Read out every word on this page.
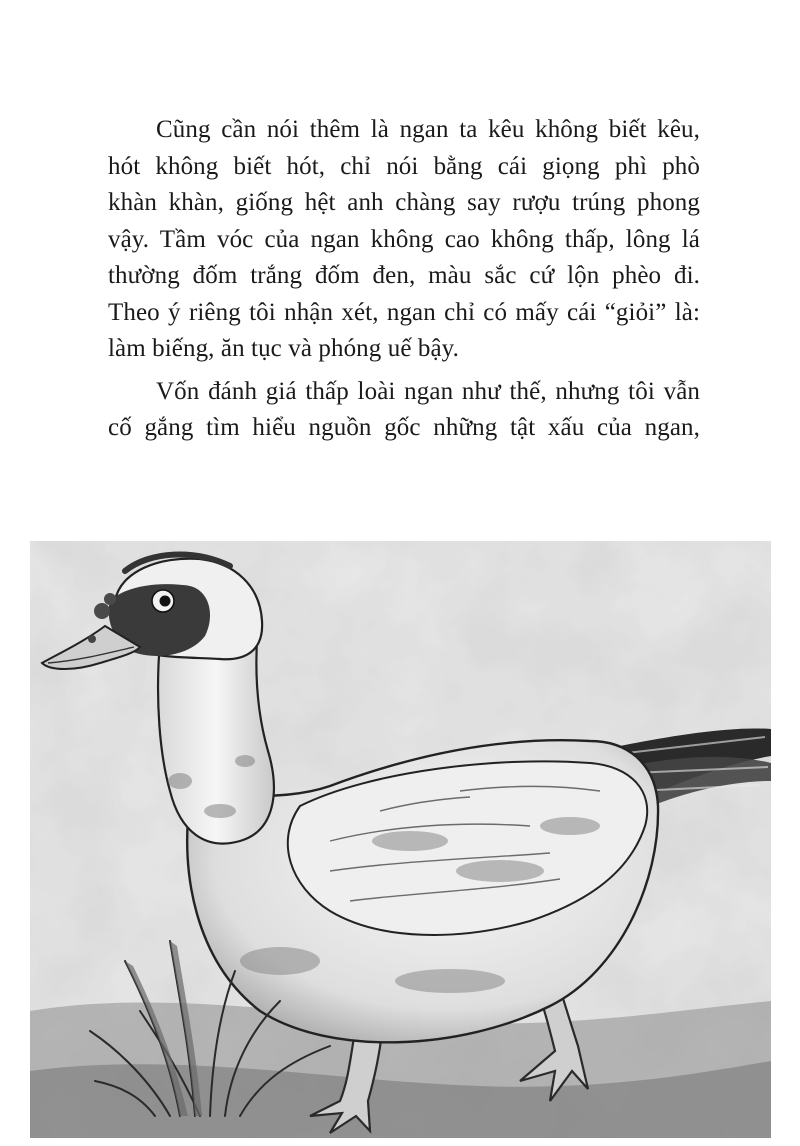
Cũng cần nói thêm là ngan ta kêu không biết kêu,
hót không biết hót, chỉ nói bằng cái giọng phì phò
khàn khàn, giống hệt anh chàng say rượu trúng phong
vậy. Tầm vóc của ngan không cao không thấp, lông lá
thường đốm trắng đốm đen, màu sắc cứ lộn phèo đi.
Theo ý riêng tôi nhận xét, ngan chỉ có mấy cái “giỏi” là:
làm biếng, ăn tục và phóng uế bậy.
Vốn đánh giá thấp loài ngan như thế, nhưng tôi vẫn
cố gắng tìm hiểu nguồn gốc những tật xấu của ngan,
